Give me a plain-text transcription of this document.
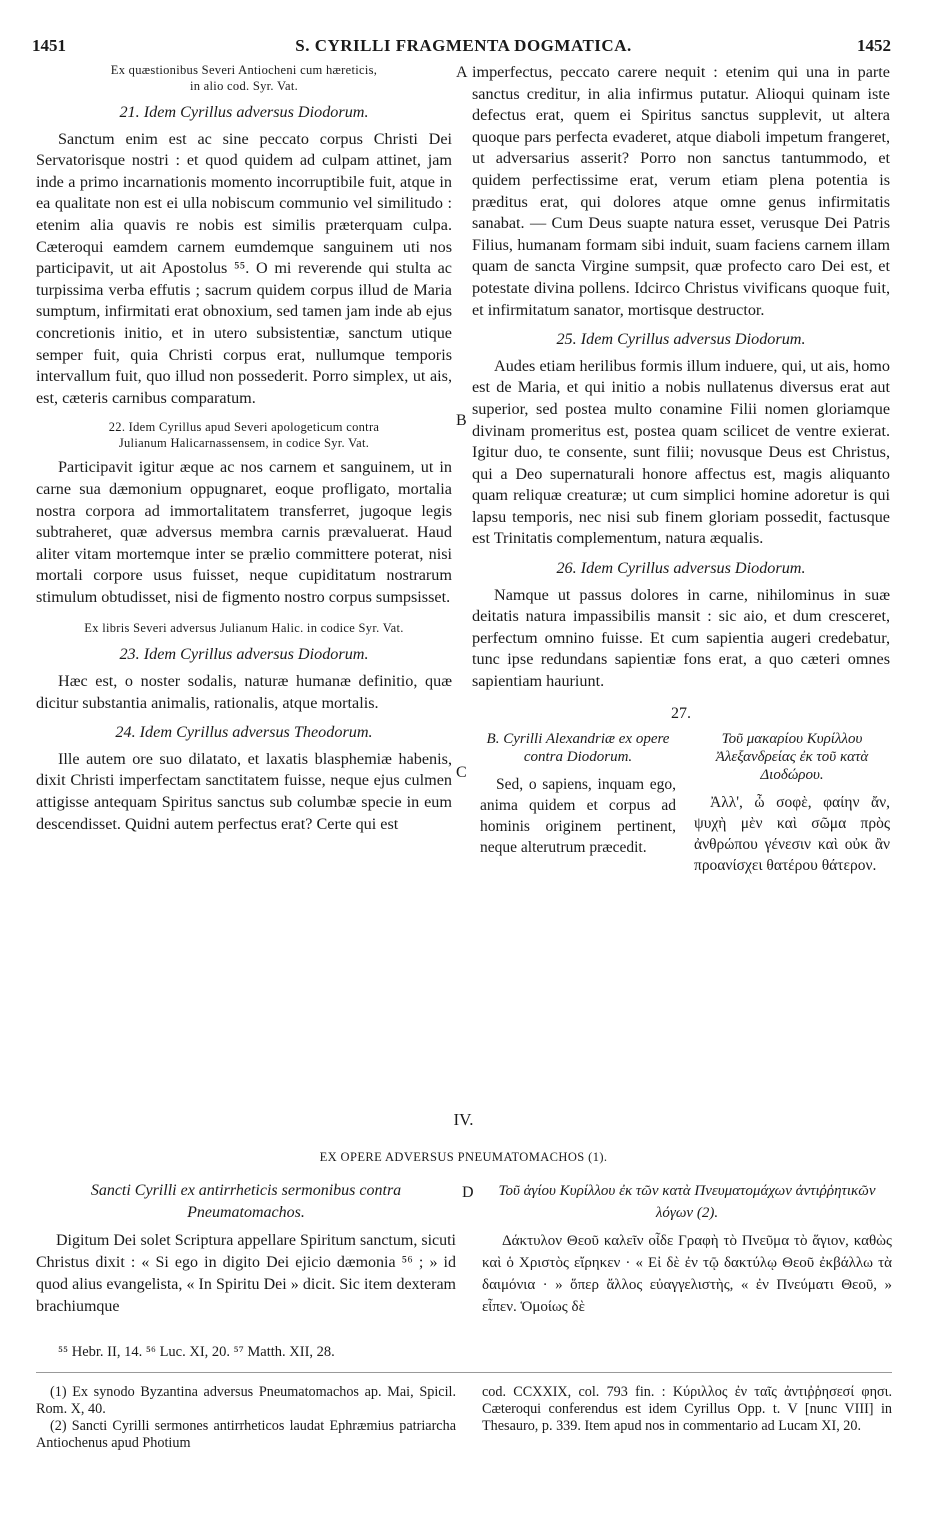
1451	S. CYRILLI FRAGMENTA DOGMATICA.	1452
A
B
C
D
Ex quæstionibus Severi Antiocheni cum hæreticis,
in alio cod. Syr. Vat.
21. Idem Cyrillus adversus Diodorum.

Sanctum enim est ac sine peccato corpus Christi Dei Servatorisque nostri : et quod quidem ad culpam attinet, jam inde a primo incarnationis momento incorruptibile fuit, atque in ea qualitate non est ei ulla nobiscum communio vel similitudo : etenim alia quavis re nobis est similis præterquam culpa. Cæteroqui eamdem carnem eumdemque sanguinem uti nos participavit, ut ait Apostolus ⁵⁵. O mi reverende qui stulta ac turpissima verba effutis ; sacrum quidem corpus illud de Maria sumptum, infirmitati erat obnoxium, sed tamen jam inde ab ejus concretionis initio, et in utero subsistentiæ, sanctum utique semper fuit, quia Christi corpus erat, nullumque temporis intervallum fuit, quo illud non possederit. Porro simplex, ut ais, est, cæteris carnibus comparatum.

22. Idem Cyrillus apud Severi apologeticum contra
Julianum Halicarnassensem, in codice Syr. Vat.

Participavit igitur æque ac nos carnem et sanguinem, ut in carne sua dæmonium oppugnaret, eoque profligato, mortalia nostra corpora ad immortalitatem transferret, jugoque legis subtraheret, quæ adversus membra carnis prævaluerat. Haud aliter vitam mortemque inter se prælio committere poterat, nisi mortali corpore usus fuisset, neque cupiditatum nostrarum stimulum obtudisset, nisi de figmento nostro corpus sumpsisset.

Ex libris Severi adversus Julianum Halic. in codice Syr. Vat.
23. Idem Cyrillus adversus Diodorum.

Hæc est, o noster sodalis, naturæ humanæ definitio, quæ dicitur substantia animalis, rationalis, atque mortalis.

24. Idem Cyrillus adversus Theodorum.

Ille autem ore suo dilatato, et laxatis blasphemiæ habenis, dixit Christi imperfectam sanctitatem fuisse, neque ejus culmen attigisse antequam Spiritus sanctus sub columbæ specie in eum descendisset. Quidni autem perfectus erat? Certe qui est

imperfectus, peccato carere nequit : etenim qui una in parte sanctus creditur, in alia infirmus putatur. Alioqui quinam iste defectus erat, quem ei Spiritus sanctus supplevit, ut altera quoque pars perfecta evaderet, atque diaboli impetum frangeret, ut adversarius asserit? Porro non sanctus tantummodo, et quidem perfectissime erat, verum etiam plena potentia is præditus erat, qui dolores atque omne genus infirmitatis sanabat. — Cum Deus suapte natura esset, verusque Dei Patris Filius, humanam formam sibi induit, suam faciens carnem illam quam de sancta Virgine sumpsit, quæ profecto caro Dei est, et potestate divina pollens. Idcirco Christus vivificans quoque fuit, et infirmitatum sanator, mortisque destructor.

25. Idem Cyrillus adversus Diodorum.

Audes etiam herilibus formis illum induere, qui, ut ais, homo est de Maria, et qui initio a nobis nullatenus diversus erat aut superior, sed postea multo conamine Filii nomen gloriamque divinam promeritus est, postea quam scilicet de ventre exierat. Igitur duo, te consente, sunt filii; novusque Deus est Christus, qui a Deo supernaturali honore affectus est, magis aliquanto quam reliquæ creaturæ; ut cum simplici homine adoretur is qui lapsu temporis, nec nisi sub finem gloriam possedit, factusque est Trinitatis complementum, natura æqualis.

26. Idem Cyrillus adversus Diodorum.

Namque ut passus dolores in carne, nihilominus in suæ deitatis natura impassibilis mansit : sic aio, et dum cresceret, perfectum omnino fuisse. Et cum sapientia augeri credebatur, tunc ipse redundans sapientiæ fons erat, a quo cæteri omnes sapientiam hauriunt.

27.
B. Cyrilli Alexandriæ ex opere contra Diodorum.
Sed, o sapiens, inquam ego, anima quidem et corpus ad hominis originem pertinent, neque alterutrum præcedit.
Τοῦ μακαρίου Κυρίλλου Ἀλεξανδρείας ἐκ τοῦ κατὰ Διοδώρου.
Ἀλλ', ὦ σοφὲ, φαίην ἄν, ψυχὴ μὲν καὶ σῶμα πρὸς ἀνθρώπου γένεσιν καὶ οὐκ ἂν προανίσχει θατέρου θάτερον.
IV.
EX OPERE ADVERSUS PNEUMATOMACHOS (1).
Sancti Cyrilli ex antirrheticis sermonibus contra Pneumatomachos.

Digitum Dei solet Scriptura appellare Spiritum sanctum, sicuti Christus dixit : « Si ego in digito Dei ejicio dæmonia ⁵⁶ ; » id quod alius evangelista, « In Spiritu Dei » dicit. Sic item dexteram brachiumque

Τοῦ ἁγίου Κυρίλλου ἐκ τῶν κατὰ Πνευματομάχων ἀντιῤῥητικῶν λόγων (2).

Δάκτυλον Θεοῦ καλεῖν οἶδε Γραφὴ τὸ Πνεῦμα τὸ ἅγιον, καθὼς καὶ ὁ Χριστὸς εἴρηκεν · « Εἰ δὲ ἐν τῷ δακτύλῳ Θεοῦ ἐκβάλλω τὰ δαιμόνια · » ὅπερ ἄλλος εὐαγγελιστὴς, « ἐν Πνεύματι Θεοῦ, » εἶπεν. Ὁμοίως δὲ

⁵⁵ Hebr. II, 14. ⁵⁶ Luc. XI, 20. ⁵⁷ Matth. XII, 28.

(1) Ex synodo Byzantina adversus Pneumatomachos ap. Mai, Spicil. Rom. X, 40.

(2) Sancti Cyrilli sermones antirrheticos laudat Ephræmius patriarcha Antiochenus apud Photium

cod. CCXXIX, col. 793 fin. : Κύριλλος ἐν ταῖς ἀντιῤῥησεσί φησι. Cæteroqui conferendus est idem Cyrillus Opp. t. V [nunc VIII] in Thesauro, p. 339. Item apud nos in commentario ad Lucam XI, 20.
